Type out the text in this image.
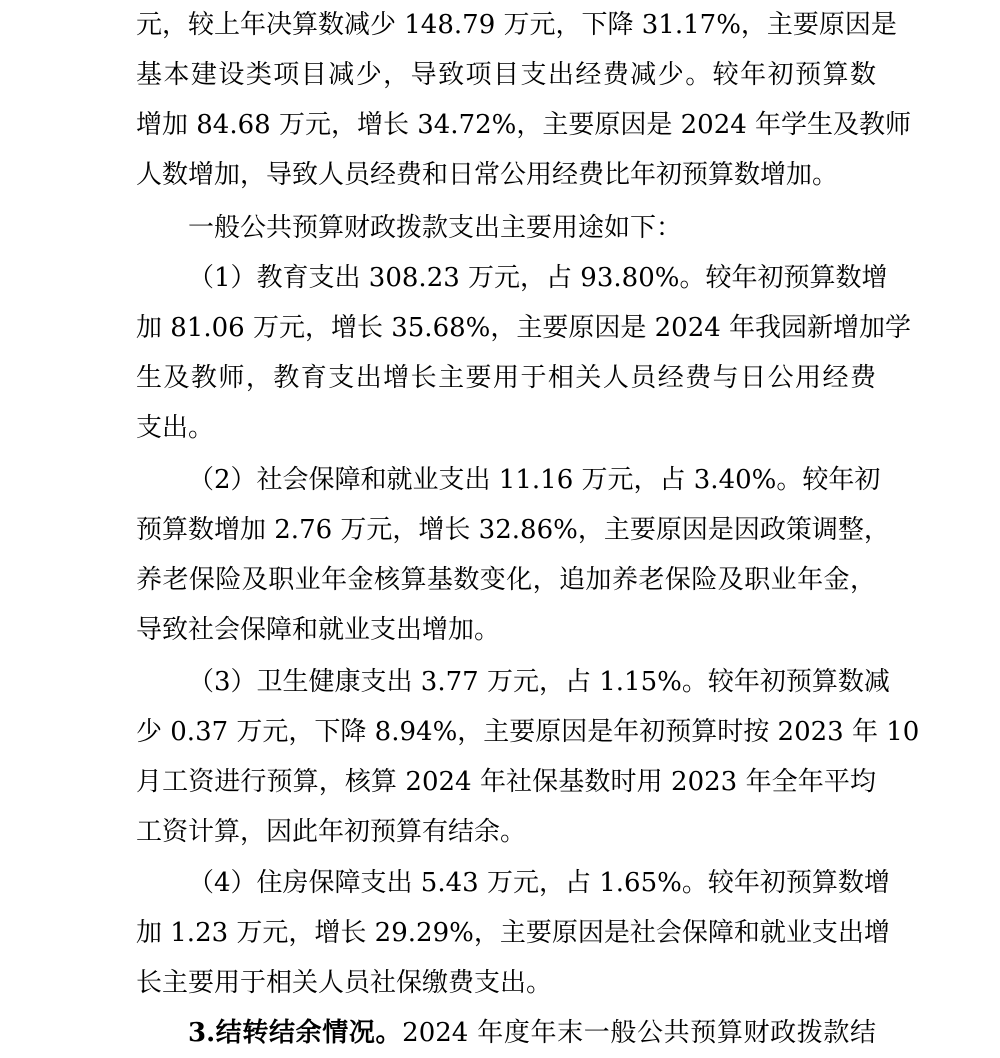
元，较上年决算数减少 148.79 万元，下降 31.17%，主要原因是
基本建设类项目减少，导致项目支出经费减少。较年初预算数
增加 84.68 万元，增长 34.72%，主要原因是 2024 年学生及教师
人数增加，导致人员经费和日常公用经费比年初预算数增加。
一般公共预算财政拨款支出主要用途如下：
（1）教育支出 308.23 万元，占 93.80%。较年初预算数增
加 81.06 万元，增长 35.68%，主要原因是 2024 年我园新增加学
生及教师，教育支出增长主要用于相关人员经费与日公用经费
支出。
（2）社会保障和就业支出 11.16 万元，占 3.40%。较年初
预算数增加 2.76 万元，增长 32.86%，主要原因是因政策调整，
养老保险及职业年金核算基数变化，追加养老保险及职业年金，
导致社会保障和就业支出增加。
（3）卫生健康支出 3.77 万元，占 1.15%。较年初预算数减
少 0.37 万元，下降 8.94%，主要原因是年初预算时按 2023 年 10
月工资进行预算，核算 2024 年社保基数时用 2023 年全年平均
工资计算，因此年初预算有结余。
（4）住房保障支出 5.43 万元，占 1.65%。较年初预算数增
加 1.23 万元，增长 29.29%，主要原因是社会保障和就业支出增
长主要用于相关人员社保缴费支出。
3.结转结余情况。2024 年度年末一般公共预算财政拨款结
